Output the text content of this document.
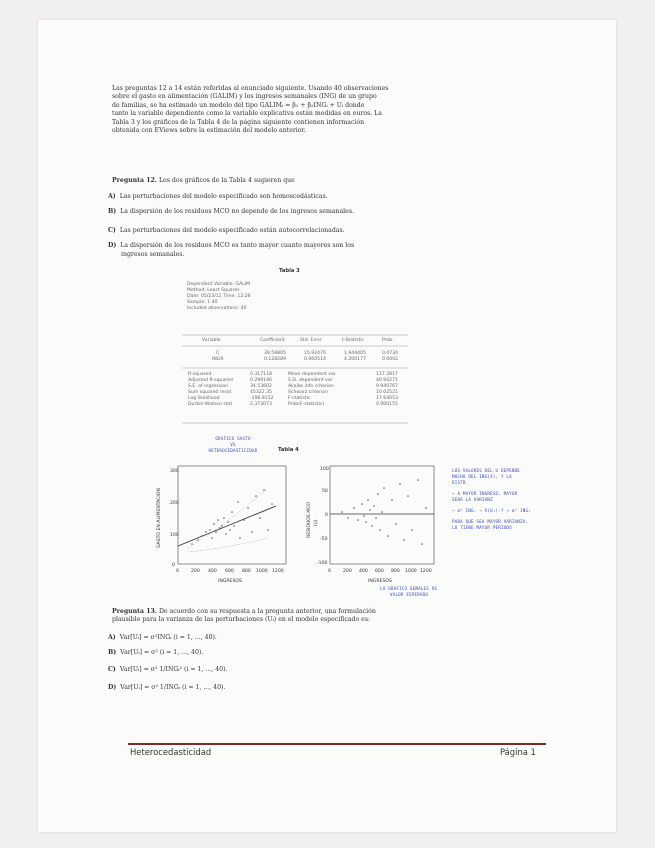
Las preguntas 12 a 14 están referidas al enunciado siguiente. Usando 40 observaciones
sobre el gasto en alimentación (GALIM) y los ingresos semanales (ING) de un grupo
de familias, se ha estimado un modelo del tipo GALIMᵢ = β₁ + β₂INGᵢ + Uᵢ donde
tanto la variable dependiente como la variable explicativa están medidas en euros. La
Tabla 3 y los gráficos de la Tabla 4 de la página siguiente contienen información
obtenida con EViews sobre la estimación del modelo anterior.
Pregunta 12. Los dos gráficos de la Tabla 4 sugieren que
A) Las perturbaciones del modelo especificado son homoscedásticas.
B) La dispersión de los residuos MCO no depende de los ingresos semanales.
C) Las perturbaciones del modelo especificado están autocorrelacionadas.
D) La dispersión de los residuos MCO es tanto mayor cuanto mayores son los
ingresos semanales.
Tabla 3
Dependent Variable: GALIM
Method: Least Squares
Date: 05/23/12 Time: 12:26
Sample: 1 40
Included observations: 40
Variable	Coefficient	Std. Error	t-Statistic	Prob.
C	39.59805	15.92470	1.944405	0.0734
INGR	0.128289	0.060514	4.200177	0.0002
R-squared	0.317118	Mean dependent var	117.2817
Adjusted R-squared	0.299146	S.D. dependent var	40.94271
S.E. of regression	34.53602	Akaike info criterion	9.940767
Sum squared resid	45322.35	Schwarz criterion	10.02521
Log likelihood	-196.8152	F-statistic	17.64053
Durbin-Watson stat	2.373073	Prob(F-statistic)	0.000155
GRAFICO GASTO
VS
HETEROCEDASTICIDAD	Tabla 4
GASTO EN ALIMENTACION
300
200
100
0
0	200 400 600 800 1000 1200
INGRESOS
RESIDUOS MCO (û)
100
50
0
-50
-100
0	200 400 600 800 1000 1200
INGRESOS
LOS VALORES DEL U DEPENDE
MUCHO DEL ING(X), Y LA
DISTR.
→ A MAYOR INGRESO, MAYOR
SERA LA VARIANZ
→ σ² INGᵢ → V(Uᵢ)·? → σ² INGᵢ
PARA QUE SEA MAYOR VARIANZA,
LO TIENE MAYOR PERIODO
LA GRAFICO SEÑALES VS
VALOR ESPERADO
Pregunta 13. De acuerdo con su respuesta a la pregunta anterior, una formulación
plausible para la varianza de las perturbaciones (Uᵢ) en el modelo especificado es:
A) Var[Uᵢ] = σ²INGᵢ (i = 1, ..., 40).
B) Var[Uᵢ] = σ² (i = 1, ..., 40).
C) Var[Uᵢ] = σ² 1/INGᵢ² (i = 1, ..., 40).
D) Var[Uᵢ] = σ² 1/INGᵢ (i = 1, ..., 40).
Heterocedasticidad	Página 1
